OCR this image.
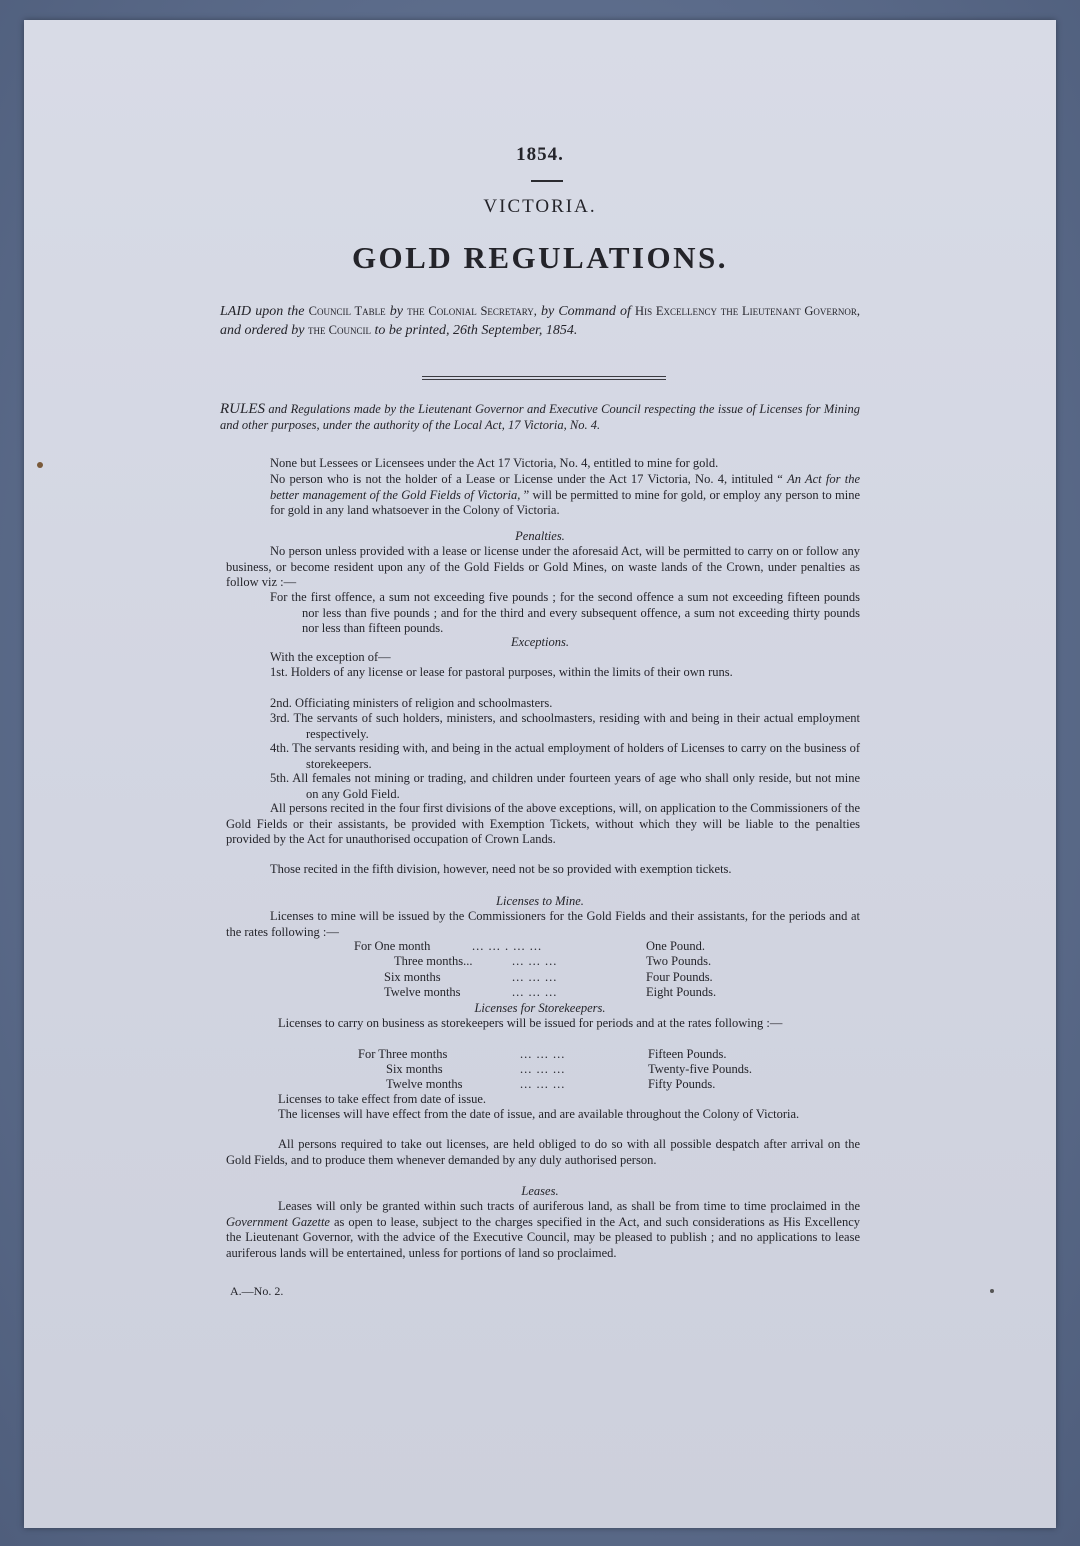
1854.
VICTORIA.
GOLD REGULATIONS.
LAID upon the Council Table by the Colonial Secretary, by Command of His Excellency the Lieutenant Governor, and ordered by the Council to be printed, 26th September, 1854.

RULES and Regulations made by the Lieutenant Governor and Executive Council respecting the issue of Licenses for Mining and other purposes, under the authority of the Local Act, 17 Victoria, No. 4.

None but Lessees or Licensees under the Act 17 Victoria, No. 4, entitled to mine for gold.

No person who is not the holder of a Lease or License under the Act 17 Victoria, No. 4, intituled “ An Act for the better management of the Gold Fields of Victoria, ” will be permitted to mine for gold, or employ any person to mine for gold in any land whatsoever in the Colony of Victoria.

Penalties.

No person unless provided with a lease or license under the aforesaid Act, will be permitted to carry on or follow any business, or become resident upon any of the Gold Fields or Gold Mines, on waste lands of the Crown, under penalties as follow viz :—

For the first offence, a sum not exceeding five pounds ; for the second offence a sum not exceeding fifteen pounds nor less than five pounds ; and for the third and every subsequent offence, a sum not exceeding thirty pounds nor less than fifteen pounds.

Exceptions.

With the exception of—

1st. Holders of any license or lease for pastoral purposes, within the limits of their own runs.

2nd. Officiating ministers of religion and schoolmasters.

3rd. The servants of such holders, ministers, and schoolmasters, residing with and being in their actual employment respectively.

4th. The servants residing with, and being in the actual employment of holders of Licenses to carry on the business of storekeepers.

5th. All females not mining or trading, and children under fourteen years of age who shall only reside, but not mine on any Gold Field.

All persons recited in the four first divisions of the above exceptions, will, on application to the Commissioners of the Gold Fields or their assistants, be provided with Exemption Tickets, without which they will be liable to the penalties provided by the Act for unauthorised occupation of Crown Lands.

Those recited in the fifth division, however, need not be so provided with exemption tickets.

Licenses to Mine.

Licenses to mine will be issued by the Commissioners for the Gold Fields and their assistants, for the periods and at the rates following :—

For One month
Three months...
Six months
Twelve months
... ... . ... ...
... ... ...
... ... ...
... ... ...
One Pound.
Two Pounds.
Four Pounds.
Eight Pounds.
Licenses for Storekeepers.

Licenses to carry on business as storekeepers will be issued for periods and at the rates following :—

For Three months
Six months
Twelve months
... ... ...
... ... ...
... ... ...
Fifteen Pounds.
Twenty-five Pounds.
Fifty Pounds.

Licenses to take effect from date of issue.

The licenses will have effect from the date of issue, and are available throughout the Colony of Victoria.

All persons required to take out licenses, are held obliged to do so with all possible despatch after arrival on the Gold Fields, and to produce them whenever demanded by any duly authorised person.

Leases.

Leases will only be granted within such tracts of auriferous land, as shall be from time to time proclaimed in the Government Gazette as open to lease, subject to the charges specified in the Act, and such considerations as His Excellency the Lieutenant Governor, with the advice of the Executive Council, may be pleased to publish ; and no applications to lease auriferous lands will be entertained, unless for portions of land so proclaimed.

A.—No. 2.
